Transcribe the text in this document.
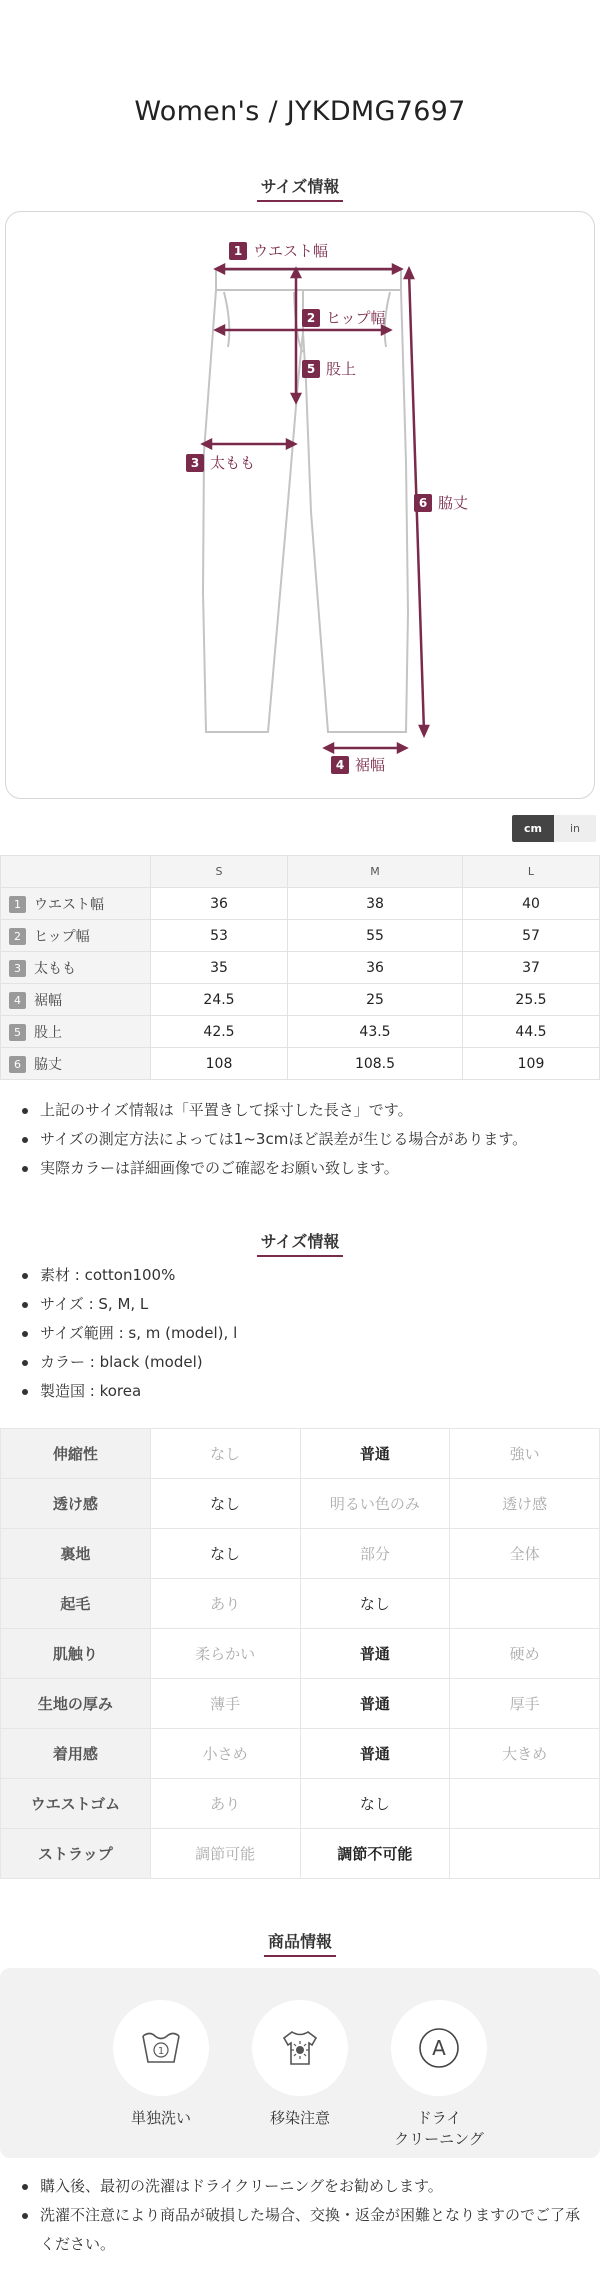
Women's / JYKDMG7697
サイズ情報
1 ウエスト幅
2 ヒップ幅
5 股上
3 太もも
6 脇丈
4 裾幅
cm	in
	S	M	L
1 ウエスト幅	36	38	40
2 ヒップ幅	53	55	57
3 太もも	35	36	37
4 裾幅	24.5	25	25.5
5 股上	42.5	43.5	44.5
6 脇丈	108	108.5	109
上記のサイズ情報は「平置きして採寸した長さ」です。
サイズの測定方法によっては1~3cmほど誤差が生じる場合があります。
実際カラーは詳細画像でのご確認をお願い致します。
サイズ情報
素材 : cotton100%
サイズ : S, M, L
サイズ範囲 : s, m (model), l
カラー : black (model)
製造国 : korea
伸縮性	なし	普通	強い
透け感	なし	明るい色のみ	透け感
裏地	なし	部分	全体
起毛	あり	なし	
肌触り	柔らかい	普通	硬め
生地の厚み	薄手	普通	厚手
着用感	小さめ	普通	大きめ
ウエストゴム	あり	なし	
ストラップ	調節可能	調節不可能	
商品情報
1
単独洗い	移染注意
A
ドライ
クリーニング
購入後、最初の洗濯はドライクリーニングをお勧めします。
洗濯不注意により商品が破損した場合、交換・返金が困難となりますのでご了承ください。
